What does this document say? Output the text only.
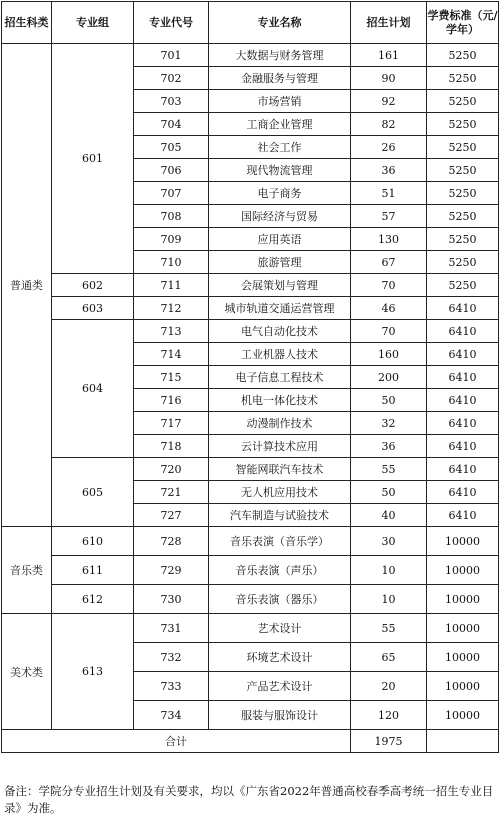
招生科类	专业组	专业代号	专业名称	招生计划	学费标准（元/学年）
普通类	601	701	大数据与财务管理	161	5250
		702	金融服务与管理	90	5250
		703	市场营销	92	5250
		704	工商企业管理	82	5250
		705	社会工作	26	5250
		706	现代物流管理	36	5250
		707	电子商务	51	5250
		708	国际经济与贸易	57	5250
		709	应用英语	130	5250
		710	旅游管理	67	5250
	602	711	会展策划与管理	70	5250
	603	712	城市轨道交通运营管理	46	6410
	604	713	电气自动化技术	70	6410
		714	工业机器人技术	160	6410
		715	电子信息工程技术	200	6410
		716	机电一体化技术	50	6410
		717	动漫制作技术	32	6410
		718	云计算技术应用	36	6410
	605	720	智能网联汽车技术	55	6410
		721	无人机应用技术	50	6410
		727	汽车制造与试验技术	40	6410
音乐类	610	728	音乐表演（音乐学）	30	10000
	611	729	音乐表演（声乐）	10	10000
	612	730	音乐表演（器乐）	10	10000
美术类	613	731	艺术设计	55	10000
		732	环境艺术设计	65	10000
		733	产品艺术设计	20	10000
		734	服装与服饰设计	120	10000
合计				1975	
备注：学院分专业招生计划及有关要求，均以《广东省2022年普通高校春季高考统一招生专业目录》为准。
